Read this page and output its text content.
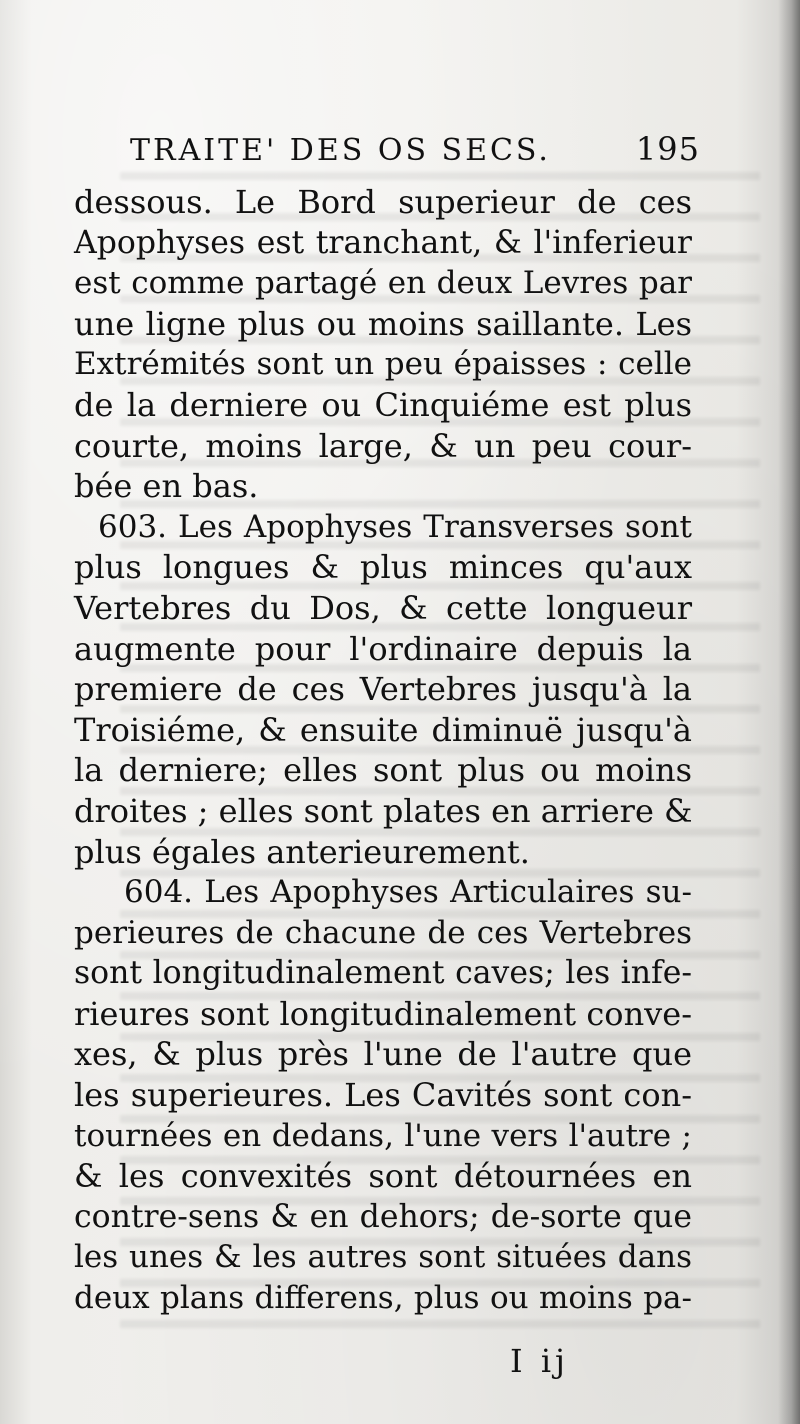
TRAITE' DES OS SECS.	195
dessous. Le Bord superieur de ces
Apophyses est tranchant, & l'inferieur
est comme partagé en deux Levres par
une ligne plus ou moins saillante. Les
Extrémités sont un peu épaisses : celle
de la derniere ou Cinquiéme est plus
courte, moins large, & un peu cour-
bée en bas.
603. Les Apophyses Transverses sont
plus longues & plus minces qu'aux
Vertebres du Dos, & cette longueur
augmente pour l'ordinaire depuis la
premiere de ces Vertebres jusqu'à la
Troisiéme, & ensuite diminuë jusqu'à
la derniere; elles sont plus ou moins
droites ; elles sont plates en arriere &
plus égales anterieurement.
604. Les Apophyses Articulaires su-
perieures de chacune de ces Vertebres
sont longitudinalement caves; les infe-
rieures sont longitudinalement conve-
xes, & plus près l'une de l'autre que
les superieures. Les Cavités sont con-
tournées en dedans, l'une vers l'autre ;
& les convexités sont détournées en
contre-sens & en dehors; de-sorte que
les unes & les autres sont situées dans
deux plans differens, plus ou moins pa-
I ij
